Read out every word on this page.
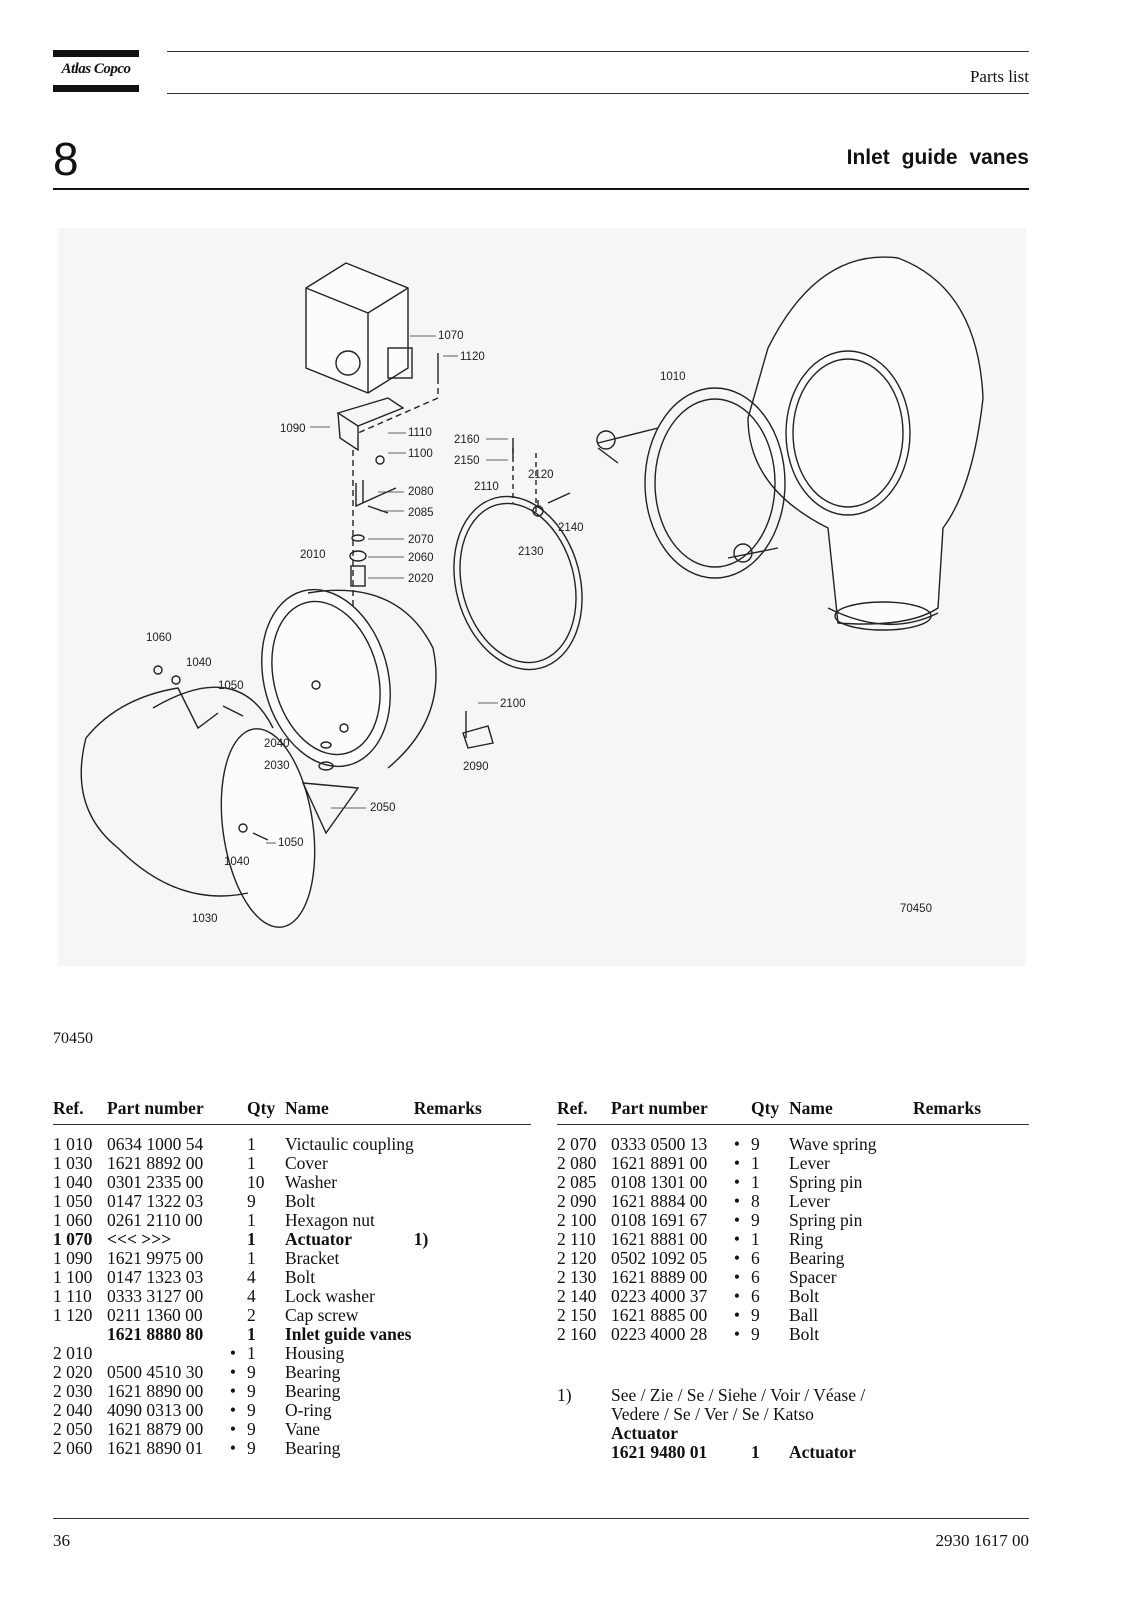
Atlas Copco	Parts list
8	Inlet guide vanes
1070
1120
1010
1090	1110
1100
2160
2150
2120
2110
2080
2085
2140
2070
2130
2060
2010
2020
1060
1040
1050
2100
2040
2030	2090
2050
1050
1040
1030
70450
70450
Ref.	Part number		Qty	Name	Remarks

1 010	0634 1000 54		1	Victaulic coupling	
1 030	1621 8892 00		1	Cover	
1 040	0301 2335 00		10	Washer	
1 050	0147 1322 03		9	Bolt	
1 060	0261 2110 00		1	Hexagon nut	
1 070	<<< >>>		1	Actuator	1)
1 090	1621 9975 00		1	Bracket	
1 100	0147 1323 03		4	Bolt	
1 110	0333 3127 00		4	Lock washer	
1 120	0211 1360 00		2	Cap screw	
	1621 8880 80		1	Inlet guide vanes	
2 010		•	1	Housing	
2 020	0500 4510 30	•	9	Bearing	
2 030	1621 8890 00	•	9	Bearing	
2 040	4090 0313 00	•	9	O-ring	
2 050	1621 8879 00	•	9	Vane	
2 060	1621 8890 01	•	9	Bearing	
Ref.	Part number		Qty	Name	Remarks

2 070	0333 0500 13	•	9	Wave spring	
2 080	1621 8891 00	•	1	Lever	
2 085	0108 1301 00	•	1	Spring pin	
2 090	1621 8884 00	•	8	Lever	
2 100	0108 1691 67	•	9	Spring pin	
2 110	1621 8881 00	•	1	Ring	
2 120	0502 1092 05	•	6	Bearing	
2 130	1621 8889 00	•	6	Spacer	
2 140	0223 4000 37	•	6	Bolt	
2 150	1621 8885 00	•	9	Ball	
2 160	0223 4000 28	•	9	Bolt	
1) See / Zie / Se / Siehe / Voir / Véase /
Vedere / Se / Ver / Se / Katso
Actuator
1621 9480 01	1 Actuator
36	2930 1617 00
